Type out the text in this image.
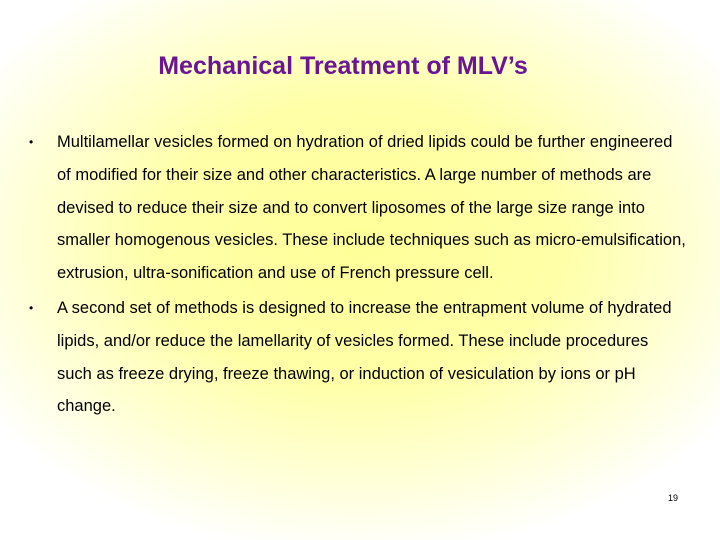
Mechanical Treatment of MLV’s
• Multilamellar vesicles formed on hydration of dried lipids could be further engineered of modified for their size and other characteristics. A large number of methods are devised to reduce their size and to convert liposomes of the large size range into smaller homogenous vesicles. These include techniques such as micro-emulsification, extrusion, ultra-sonification and use of French pressure cell.
• A second set of methods is designed to increase the entrapment volume of hydrated lipids, and/or reduce the lamellarity of vesicles formed. These include procedures such as freeze drying, freeze thawing, or induction of vesiculation by ions or pH change.
19
